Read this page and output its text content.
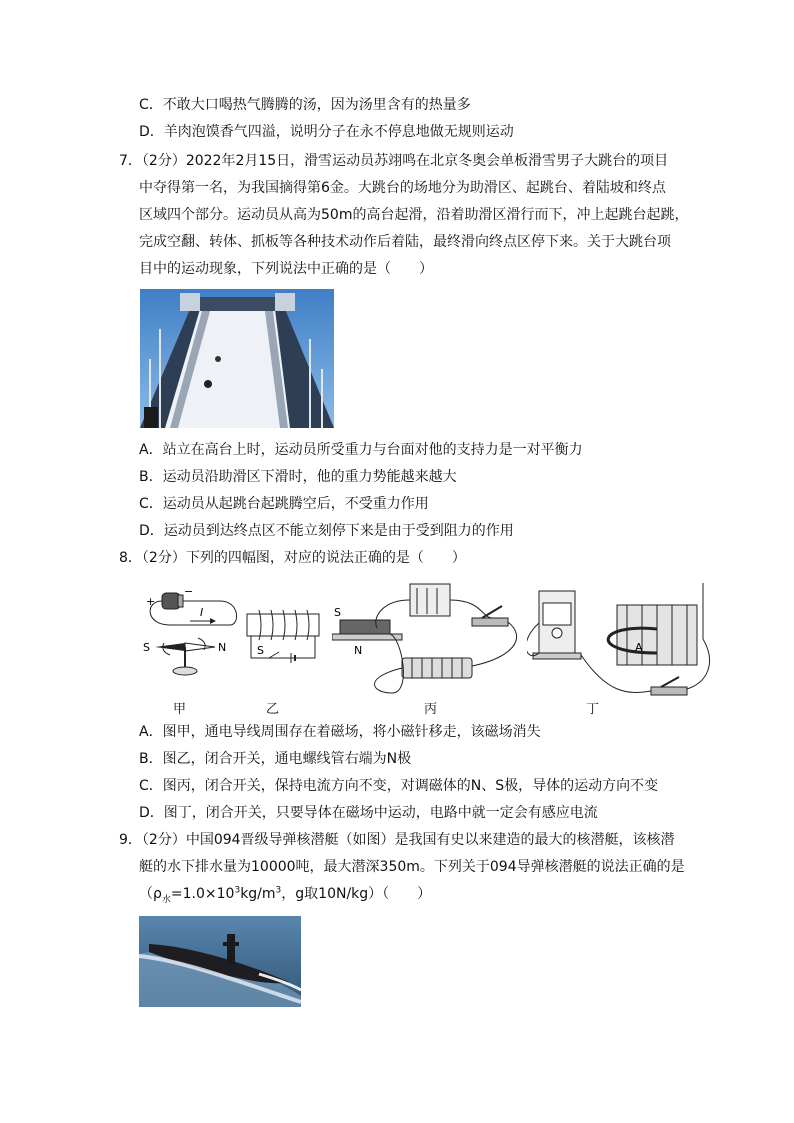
C．不敢大口喝热气腾腾的汤，因为汤里含有的热量多
D．羊肉泡馍香气四溢，说明分子在永不停息地做无规则运动
7．（2分）2022年2月15日，滑雪运动员苏翊鸣在北京冬奥会单板滑雪男子大跳台的项目
中夺得第一名，为我国摘得第6金。大跳台的场地分为助滑区、起跳台、着陆坡和终点
区域四个部分。运动员从高为50m的高台起滑，沿着助滑区滑行而下，冲上起跳台起跳，
完成空翻、转体、抓板等各种技术动作后着陆，最终滑向终点区停下来。关于大跳台项
目中的运动现象，下列说法中正确的是（　　）
A．站立在高台上时，运动员所受重力与台面对他的支持力是一对平衡力
B．运动员沿助滑区下滑时，他的重力势能越来越大
C．运动员从起跳台起跳腾空后，不受重力作用
D．运动员到达终点区不能立刻停下来是由于受到阻力的作用
8．（2分）下列的四幅图，对应的说法正确的是（　　）
+
−
I
S	N	S
S
N	A
甲	乙	丙	丁
A．图甲，通电导线周围存在着磁场，将小磁针移走，该磁场消失
B．图乙，闭合开关，通电螺线管右端为N极
C．图丙，闭合开关，保持电流方向不变，对调磁体的N、S极，导体的运动方向不变
D．图丁，闭合开关，只要导体在磁场中运动，电路中就一定会有感应电流
9．（2分）中国094晋级导弹核潜艇（如图）是我国有史以来建造的最大的核潜艇，该核潜
艇的水下排水量为10000吨，最大潜深350m。下列关于094导弹核潜艇的说法正确的是
（$\rho_水=1.0\times 10^3kg/m^3$，g取10N/kg）（　　）
